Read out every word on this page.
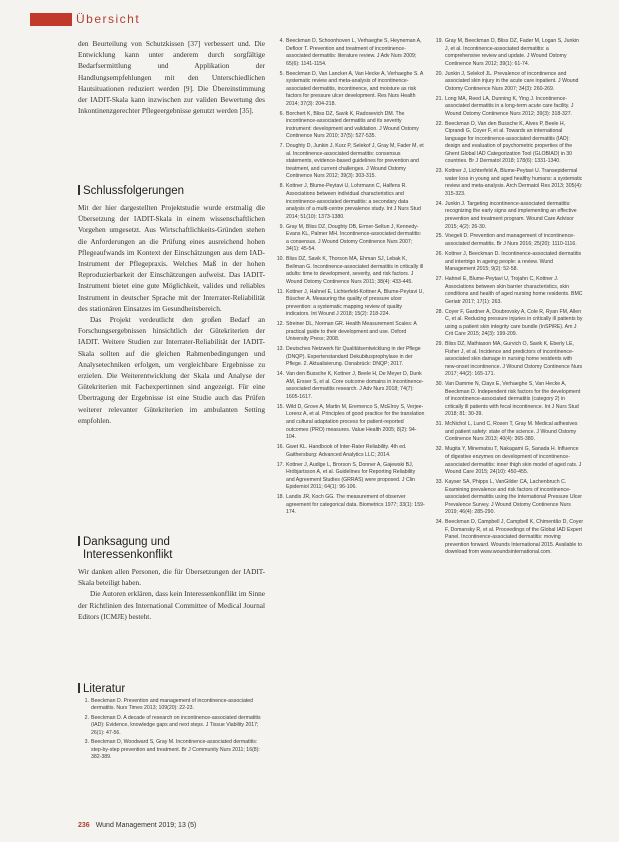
Übersicht

den Beurteilung von Schutzkissen [37] verbessert und. Die Entwicklung kann unter anderem durch sorgfältige Bedarfsermittlung und Applikation der Handlungsempfehlungen mit den Unterschiedlichen Hautsituationen reduziert werden [9]. Die Übereinstimmung der IADIT-Skala kann inzwischen zur validen Bewertung des Inkontinenzgerechter Pflegeergebnisse genutzt werden [35].

Schlussfolgerungen

Mit der hier dargestellten Projektstudie wurde erstmalig die Übersetzung der IADIT-Skala in einem wissenschaftlichen Vorgehen umgesetzt. Aus Wirtschaftlichkeits-Gründen stehen die Anforderungen an die Prüfung eines ausreichend hohen Pflegeaufwands im Kontext der Einschätzungen aus dem IAD-Instrument der Pflegepraxis. Welches Maß in der hohen Reproduzierbarkeit der Einschätzungen aufweist. Das IADIT-Instrument bietet eine gute Möglichkeit, valides und reliables Instrument in deutscher Sprache mit der Interrater-Reliabilität des stationären Einsatzes im Gesundheitsbereich.

Das Projekt verdeutlicht den großen Bedarf an Forschungsergebnissen hinsichtlich der Gütekriterien der IADIT. Weitere Studien zur Interrater-Reliabilität der IADIT-Skala sollten auf die gleichen Rahmenbedingungen und Analysetechniken erfolgen, um vergleichbare Ergebnisse zu erzielen. Die Weiterentwicklung der Skala und Analyse der Gütekriterien mit Fachexpertinnen sind angezeigt. Für eine Übertragung der Ergebnisse ist eine Studie auch das Prüfen weiterer relevanter Gütekriterien im ambulanten Setting empfohlen.

Danksagung und
Interessenkonflikt

Wir danken allen Personen, die für Übersetzungen der IADIT-Skala beteiligt haben.

Die Autoren erklären, dass kein Interessenkonflikt im Sinne der Richtlinien des International Committee of Medical Journal Editors (ICMJE) besteht.

Literatur
1. Beeckman D. Prevention and management of incontinence-associated dermatitis. Nurs Times 2013; 109(20): 22-23.
2. Beeckman D. A decade of research on incontinence-associated dermatitis (IAD): Evidence, knowledge gaps and next steps. J Tissue Viability 2017; 26(1): 47-56.
3. Beeckman D, Woodward S, Gray M. Incontinence-associated dermatitis: step-by-step prevention and treatment. Br J Community Nurs 2011; 16(8): 382-389.
4. Beeckman D, Schoonhoven L, Verhaeghe S, Heyneman A, Defloor T. Prevention and treatment of incontinence-associated dermatitis: literature review. J Adv Nurs 2009; 65(6): 1141-1154.
5. Beeckman D, Van Lancker A, Van Hecke A, Verhaeghe S. A systematic review and meta-analysis of incontinence-associated dermatitis, incontinence, and moisture as risk factors for pressure ulcer development. Res Nurs Health 2014; 37(3): 204-218.
6. Borchert K, Bliss DZ, Savik K, Radosevich DM. The incontinence-associated dermatitis and its severity instrument: development and validation. J Wound Ostomy Continence Nurs 2010; 37(5): 527-535.
7. Doughty D, Junkin J, Kurz P, Selekof J, Gray M, Fader M, et al. Incontinence-associated dermatitis: consensus statements, evidence-based guidelines for prevention and treatment, and current challenges. J Wound Ostomy Continence Nurs 2012; 39(3): 303-315.
8. Kottner J, Blume-Peytavi U, Lohrmann C, Halfens R. Associations between individual characteristics and incontinence-associated dermatitis: a secondary data analysis of a multi-centre prevalence study. Int J Nurs Stud 2014; 51(10): 1373-1380.
9. Gray M, Bliss DZ, Doughty DB, Ermer-Seltun J, Kennedy-Evans KL, Palmer MH. Incontinence-associated dermatitis: a consensus. J Wound Ostomy Continence Nurs 2007; 34(1): 45-54.
10. Bliss DZ, Savik K, Thorson MA, Ehman SJ, Lebak K, Beilman G. Incontinence-associated dermatitis in critically ill adults: time to development, severity, and risk factors. J Wound Ostomy Continence Nurs 2011; 38(4): 433-445.
11. Kottner J, Hahnel E, Lichterfeld-Kottner A, Blume-Peytavi U, Büscher A. Measuring the quality of pressure ulcer prevention: a systematic mapping review of quality indicators. Int Wound J 2018; 15(2): 218-224.
12. Streiner DL, Norman GR. Health Measurement Scales: A practical guide to their development and use. Oxford University Press; 2008.
13. Deutsches Netzwerk für Qualitätsentwicklung in der Pflege (DNQP). Expertenstandard Dekubitusprophylaxe in der Pflege. 2. Aktualisierung. Osnabrück: DNQP; 2017.
14. Van den Bussche K, Kottner J, Beele H, De Meyer D, Dunk AM, Ersser S, et al. Core outcome domains in incontinence-associated dermatitis research. J Adv Nurs 2018; 74(7): 1605-1617.
15. Wild D, Grove A, Martin M, Eremenco S, McElroy S, Verjee-Lorenz A, et al. Principles of good practice for the translation and cultural adaptation process for patient-reported outcomes (PRO) measures. Value Health 2005; 8(2): 94-104.
16. Gwet KL. Handbook of Inter-Rater Reliability. 4th ed. Gaithersburg: Advanced Analytics LLC; 2014.
17. Kottner J, Audige L, Brorson S, Donner A, Gajewski BJ, Hróbjartsson A, et al. Guidelines for Reporting Reliability and Agreement Studies (GRRAS) were proposed. J Clin Epidemiol 2011; 64(1): 96-106.
18. Landis JR, Koch GG. The measurement of observer agreement for categorical data. Biometrics 1977; 33(1): 159-174.
19. Gray M, Beeckman D, Bliss DZ, Fader M, Logan S, Junkin J, et al. Incontinence-associated dermatitis: a comprehensive review and update. J Wound Ostomy Continence Nurs 2012; 39(1): 61-74.
20. Junkin J, Selekof JL. Prevalence of incontinence and associated skin injury in the acute care inpatient. J Wound Ostomy Continence Nurs 2007; 34(3): 260-269.
21. Long MA, Reed LA, Dunning K, Ying J. Incontinence-associated dermatitis in a long-term acute care facility. J Wound Ostomy Continence Nurs 2012; 39(3): 318-327.
22. Beeckman D, Van den Bussche K, Alves P, Beele H, Ciprandi G, Coyer F, et al. Towards an international language for incontinence-associated dermatitis (IAD): design and evaluation of psychometric properties of the Ghent Global IAD Categorization Tool (GLOBIAD) in 30 countries. Br J Dermatol 2018; 178(6): 1331-1340.
23. Kottner J, Lichterfeld A, Blume-Peytavi U. Transepidermal water loss in young and aged healthy humans: a systematic review and meta-analysis. Arch Dermatol Res 2013; 305(4): 315-323.
24. Junkin J. Targeting incontinence-associated dermatitis: recognizing the early signs and implementing an effective prevention and treatment program. Wound Care Advisor 2015; 4(2): 26-30.
25. Voegeli D. Prevention and management of incontinence-associated dermatitis. Br J Nurs 2016; 25(20): 1110-1116.
26. Kottner J, Beeckman D. Incontinence-associated dermatitis and intertrigo in ageing people: a review. Wund Management 2015; 9(2): 52-58.
27. Hahnel E, Blume-Peytavi U, Trojahn C, Kottner J. Associations between skin barrier characteristics, skin conditions and health of aged nursing home residents. BMC Geriatr 2017; 17(1): 263.
28. Coyer F, Gardner A, Doubrovsky A, Cole R, Ryan FM, Allen C, et al. Reducing pressure injuries in critically ill patients by using a patient skin integrity care bundle (InSPiRE). Am J Crit Care 2015; 24(3): 199-209.
29. Bliss DZ, Mathiason MA, Gurvich O, Savik K, Eberly LE, Fisher J, et al. Incidence and predictors of incontinence-associated skin damage in nursing home residents with new-onset incontinence. J Wound Ostomy Continence Nurs 2017; 44(2): 165-171.
30. Van Damme N, Clays E, Verhaeghe S, Van Hecke A, Beeckman D. Independent risk factors for the development of incontinence-associated dermatitis (category 2) in critically ill patients with fecal incontinence. Int J Nurs Stud 2018; 81: 30-39.
31. McNichol L, Lund C, Rosen T, Gray M. Medical adhesives and patient safety: state of the science. J Wound Ostomy Continence Nurs 2013; 40(4): 365-380.
32. Mugita Y, Minematsu T, Nakagami G, Sanada H. Influence of digestive enzymes on development of incontinence-associated dermatitis: inner thigh skin model of aged rats. J Wound Care 2015; 24(10): 450-455.
33. Kayser SA, Phipps L, VanGilder CA, Lachenbruch C. Examining prevalence and risk factors of incontinence-associated dermatitis using the International Pressure Ulcer Prevalence Survey. J Wound Ostomy Continence Nurs 2019; 46(4): 285-290.
34. Beeckman D, Campbell J, Campbell K, Chimentão D, Coyer F, Domansky R, et al. Proceedings of the Global IAD Expert Panel. Incontinence-associated dermatitis: moving prevention forward. Wounds International 2015. Available to download from www.woundsinternational.com.
236 Wund Management 2019; 13 (5)
